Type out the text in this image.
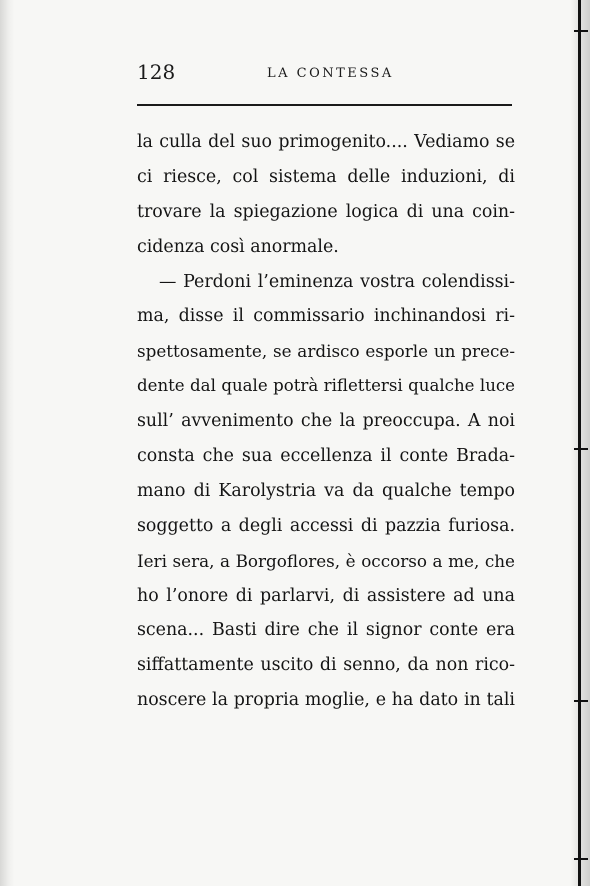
128	LA CONTESSA
la culla del suo primogenito.... Vediamo se
ci riesce, col sistema delle induzioni, di
trovare la spiegazione logica di una coin-
cidenza così anormale.
— Perdoni l’eminenza vostra colendissi-
ma, disse il commissario inchinandosi ri-
spettosamente, se ardisco esporle un prece-
dente dal quale potrà riflettersi qualche luce
sull’ avvenimento che la preoccupa. A noi
consta che sua eccellenza il conte Brada-
mano di Karolystria va da qualche tempo
soggetto a degli accessi di pazzia furiosa.
Ieri sera, a Borgoflores, è occorso a me, che
ho l’onore di parlarvi, di assistere ad una
scena... Basti dire che il signor conte era
siffattamente uscito di senno, da non rico-
noscere la propria moglie, e ha dato in tali
